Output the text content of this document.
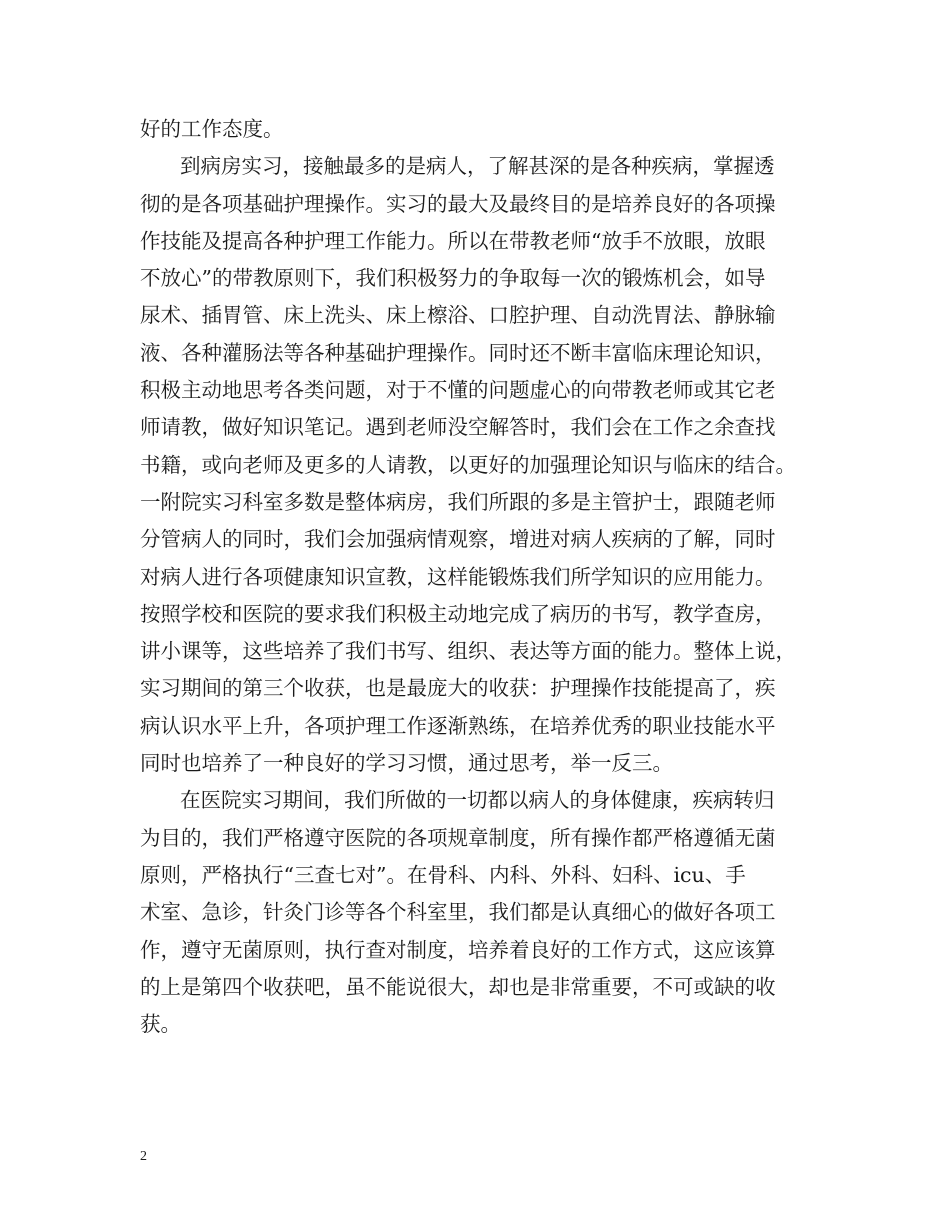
好的工作态度。
到病房实习，接触最多的是病人，了解甚深的是各种疾病，掌握透
彻的是各项基础护理操作。实习的最大及最终目的是培养良好的各项操
作技能及提高各种护理工作能力。所以在带教老师“放手不放眼，放眼
不放心”的带教原则下，我们积极努力的争取每一次的锻炼机会，如导
尿术、插胃管、床上洗头、床上檫浴、口腔护理、自动洗胃法、静脉输
液、各种灌肠法等各种基础护理操作。同时还不断丰富临床理论知识，
积极主动地思考各类问题，对于不懂的问题虚心的向带教老师或其它老
师请教，做好知识笔记。遇到老师没空解答时，我们会在工作之余查找
书籍，或向老师及更多的人请教，以更好的加强理论知识与临床的结合。
一附院实习科室多数是整体病房，我们所跟的多是主管护士，跟随老师
分管病人的同时，我们会加强病情观察，增进对病人疾病的了解，同时
对病人进行各项健康知识宣教，这样能锻炼我们所学知识的应用能力。
按照学校和医院的要求我们积极主动地完成了病历的书写，教学查房，
讲小课等，这些培养了我们书写、组织、表达等方面的能力。整体上说，
实习期间的第三个收获，也是最庞大的收获：护理操作技能提高了，疾
病认识水平上升，各项护理工作逐渐熟练，在培养优秀的职业技能水平
同时也培养了一种良好的学习习惯，通过思考，举一反三。
在医院实习期间，我们所做的一切都以病人的身体健康，疾病转归
为目的，我们严格遵守医院的各项规章制度，所有操作都严格遵循无菌
原则，严格执行“三查七对”。在骨科、内科、外科、妇科、icu、手
术室、急诊，针灸门诊等各个科室里，我们都是认真细心的做好各项工
作，遵守无菌原则，执行查对制度，培养着良好的工作方式，这应该算
的上是第四个收获吧，虽不能说很大，却也是非常重要，不可或缺的收
获。
2
